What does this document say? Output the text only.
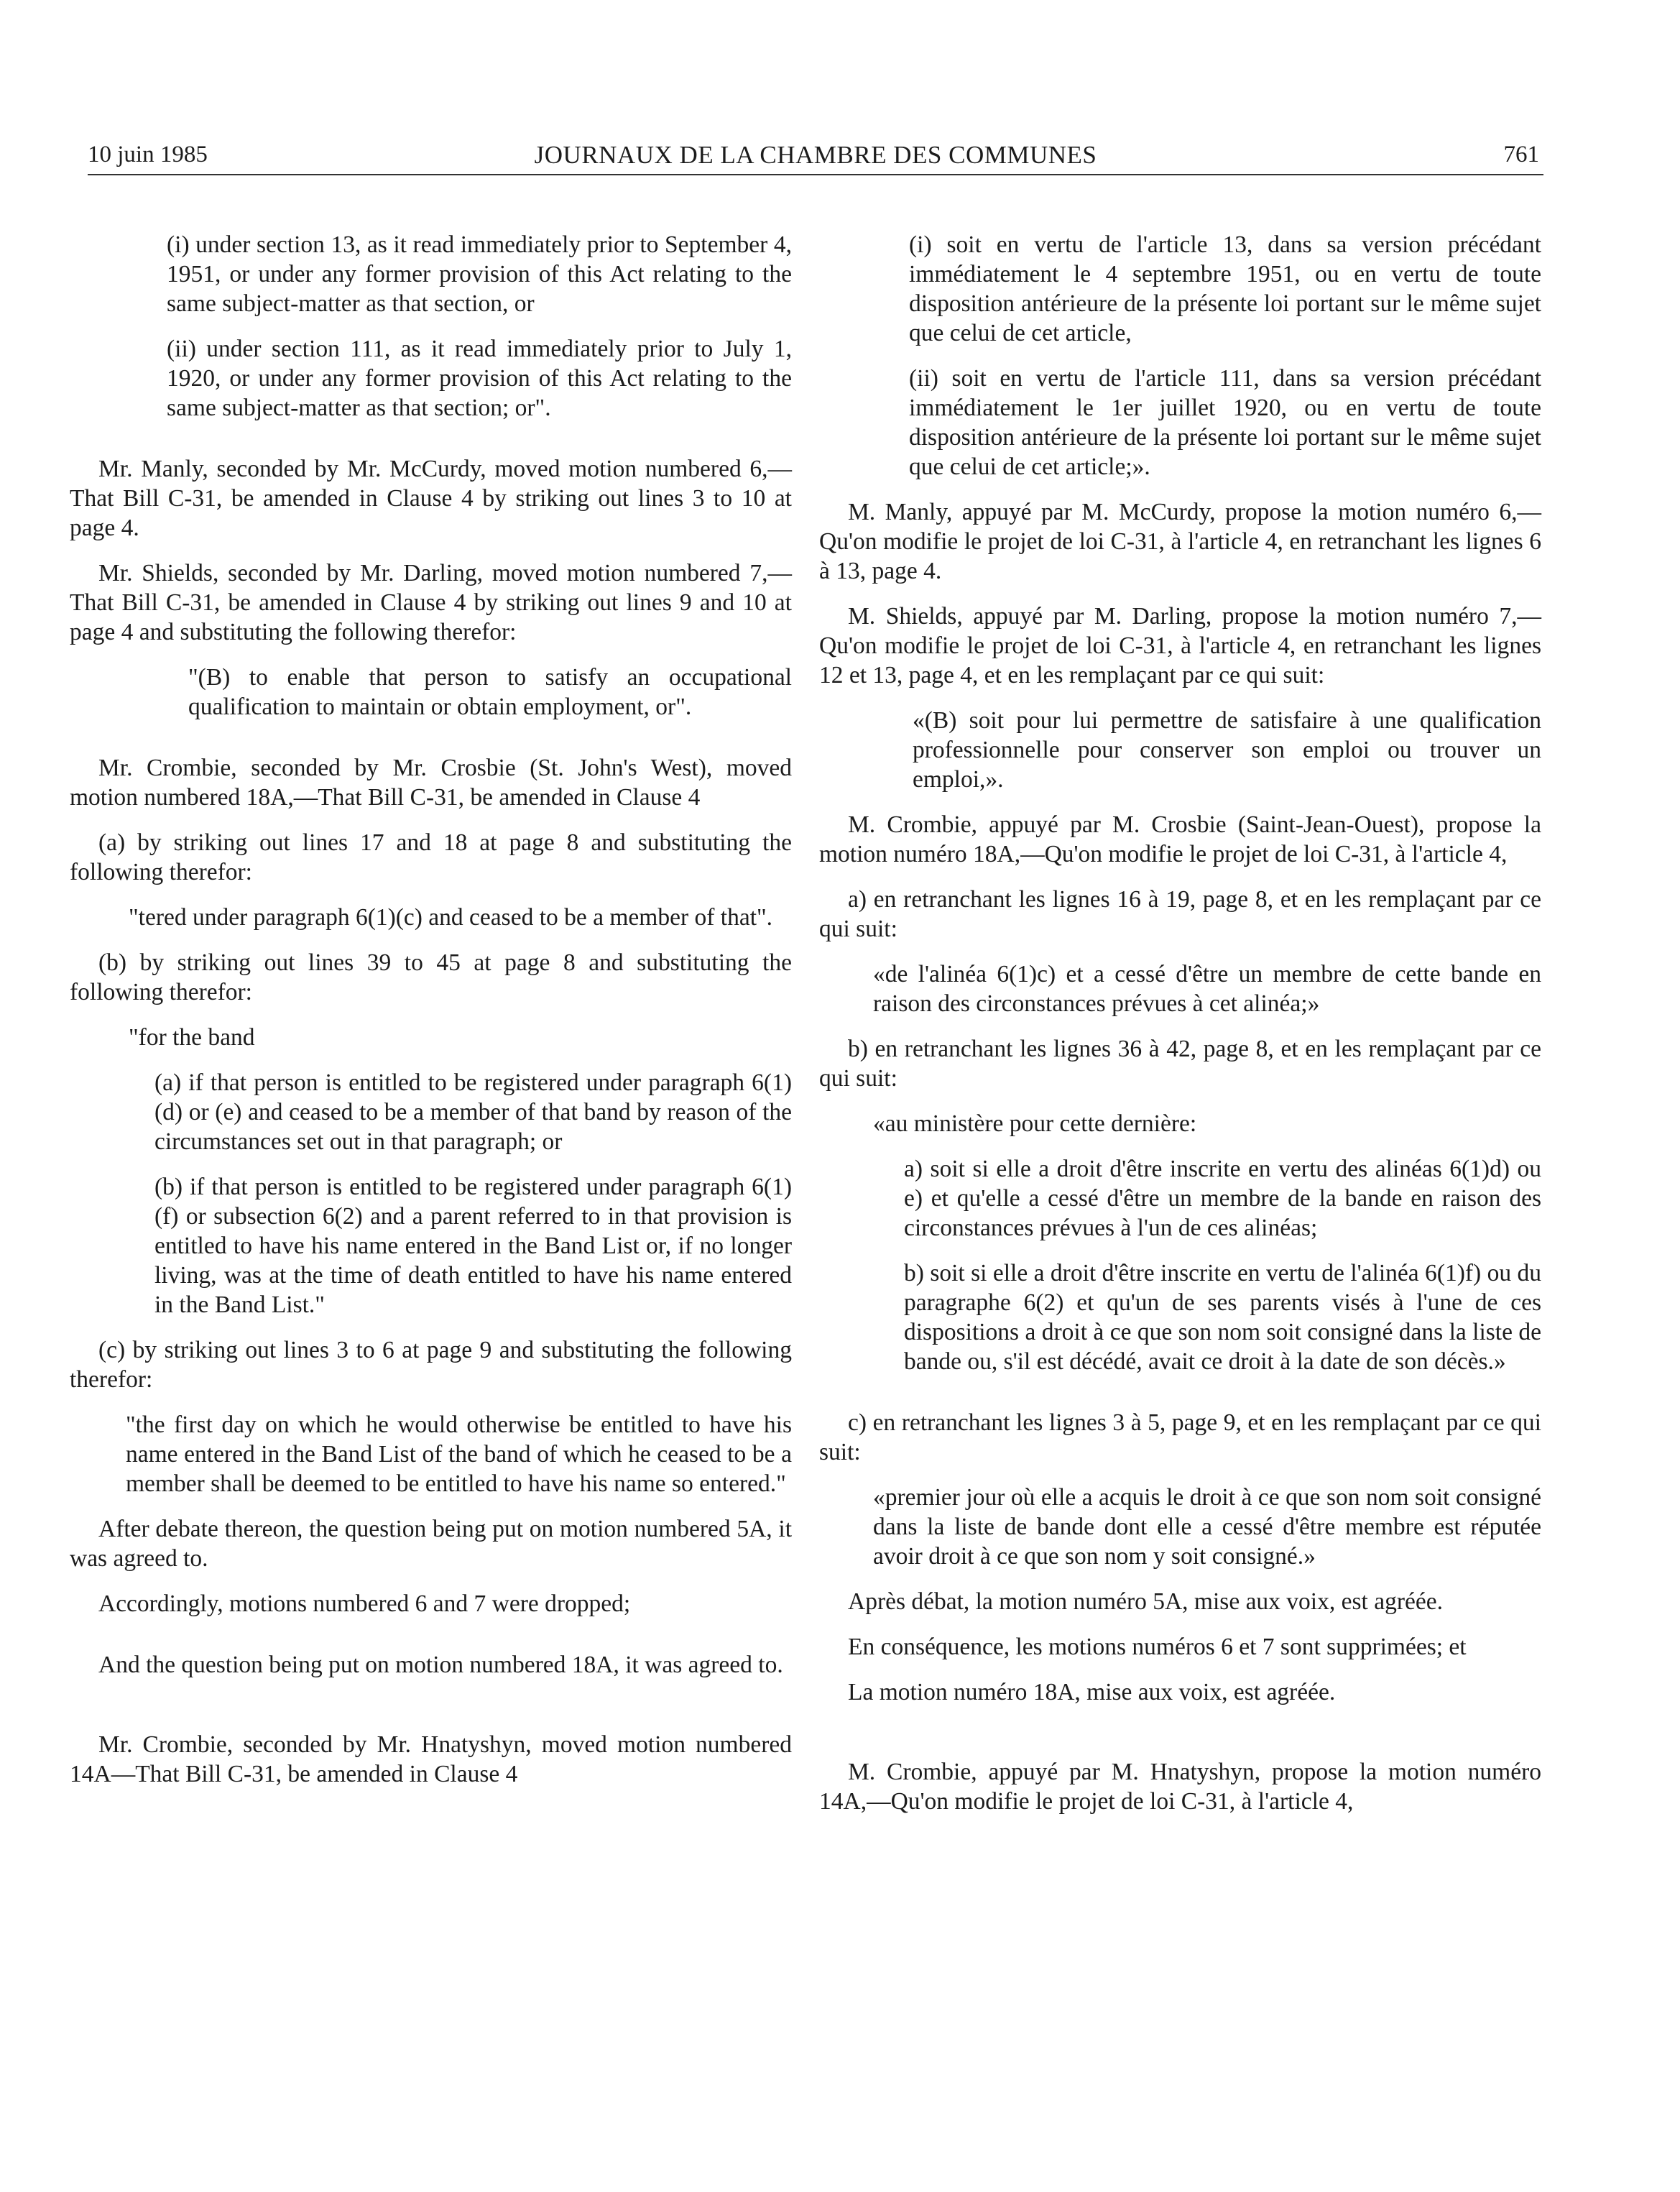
10 juin 1985	JOURNAUX DE LA CHAMBRE DES COMMUNES	761

(i) under section 13, as it read immediately prior to September 4, 1951, or under any former provision of this Act relating to the same subject-matter as that section, or

(ii) under section 111, as it read immediately prior to July 1, 1920, or under any former provision of this Act relating to the same subject-matter as that section; or".

Mr. Manly, seconded by Mr. McCurdy, moved motion numbered 6,—That Bill C-31, be amended in Clause 4 by striking out lines 3 to 10 at page 4.

Mr. Shields, seconded by Mr. Darling, moved motion numbered 7,—That Bill C-31, be amended in Clause 4 by striking out lines 9 and 10 at page 4 and substituting the following therefor:

"(B) to enable that person to satisfy an occupational qualification to maintain or obtain employment, or".

Mr. Crombie, seconded by Mr. Crosbie (St. John's West), moved motion numbered 18A,—That Bill C-31, be amended in Clause 4

(a) by striking out lines 17 and 18 at page 8 and substituting the following therefor:

"tered under paragraph 6(1)(c) and ceased to be a member of that".

(b) by striking out lines 39 to 45 at page 8 and substituting the following therefor:

"for the band

(a) if that person is entitled to be registered under paragraph 6(1)(d) or (e) and ceased to be a member of that band by reason of the circumstances set out in that paragraph; or

(b) if that person is entitled to be registered under paragraph 6(1)(f) or subsection 6(2) and a parent referred to in that provision is entitled to have his name entered in the Band List or, if no longer living, was at the time of death entitled to have his name entered in the Band List."

(c) by striking out lines 3 to 6 at page 9 and substituting the following therefor:

"the first day on which he would otherwise be entitled to have his name entered in the Band List of the band of which he ceased to be a member shall be deemed to be entitled to have his name so entered."

After debate thereon, the question being put on motion numbered 5A, it was agreed to.

Accordingly, motions numbered 6 and 7 were dropped;

And the question being put on motion numbered 18A, it was agreed to.

Mr. Crombie, seconded by Mr. Hnatyshyn, moved motion numbered 14A—That Bill C-31, be amended in Clause 4

(i) soit en vertu de l'article 13, dans sa version précédant immédiatement le 4 septembre 1951, ou en vertu de toute disposition antérieure de la présente loi portant sur le même sujet que celui de cet article,

(ii) soit en vertu de l'article 111, dans sa version précédant immédiatement le 1er juillet 1920, ou en vertu de toute disposition antérieure de la présente loi portant sur le même sujet que celui de cet article;».

M. Manly, appuyé par M. McCurdy, propose la motion numéro 6,—Qu'on modifie le projet de loi C-31, à l'article 4, en retranchant les lignes 6 à 13, page 4.

M. Shields, appuyé par M. Darling, propose la motion numéro 7,—Qu'on modifie le projet de loi C-31, à l'article 4, en retranchant les lignes 12 et 13, page 4, et en les remplaçant par ce qui suit:

«(B) soit pour lui permettre de satisfaire à une qualification professionnelle pour conserver son emploi ou trouver un emploi,».

M. Crombie, appuyé par M. Crosbie (Saint-Jean-Ouest), propose la motion numéro 18A,—Qu'on modifie le projet de loi C-31, à l'article 4,

a) en retranchant les lignes 16 à 19, page 8, et en les remplaçant par ce qui suit:

«de l'alinéa 6(1)c) et a cessé d'être un membre de cette bande en raison des circonstances prévues à cet alinéa;»

b) en retranchant les lignes 36 à 42, page 8, et en les remplaçant par ce qui suit:

«au ministère pour cette dernière:

a) soit si elle a droit d'être inscrite en vertu des alinéas 6(1)d) ou e) et qu'elle a cessé d'être un membre de la bande en raison des circonstances prévues à l'un de ces alinéas;

b) soit si elle a droit d'être inscrite en vertu de l'alinéa 6(1)f) ou du paragraphe 6(2) et qu'un de ses parents visés à l'une de ces dispositions a droit à ce que son nom soit consigné dans la liste de bande ou, s'il est décédé, avait ce droit à la date de son décès.»

c) en retranchant les lignes 3 à 5, page 9, et en les remplaçant par ce qui suit:

«premier jour où elle a acquis le droit à ce que son nom soit consigné dans la liste de bande dont elle a cessé d'être membre est réputée avoir droit à ce que son nom y soit consigné.»

Après débat, la motion numéro 5A, mise aux voix, est agréée.

En conséquence, les motions numéros 6 et 7 sont supprimées; et

La motion numéro 18A, mise aux voix, est agréée.

M. Crombie, appuyé par M. Hnatyshyn, propose la motion numéro 14A,—Qu'on modifie le projet de loi C-31, à l'article 4,
